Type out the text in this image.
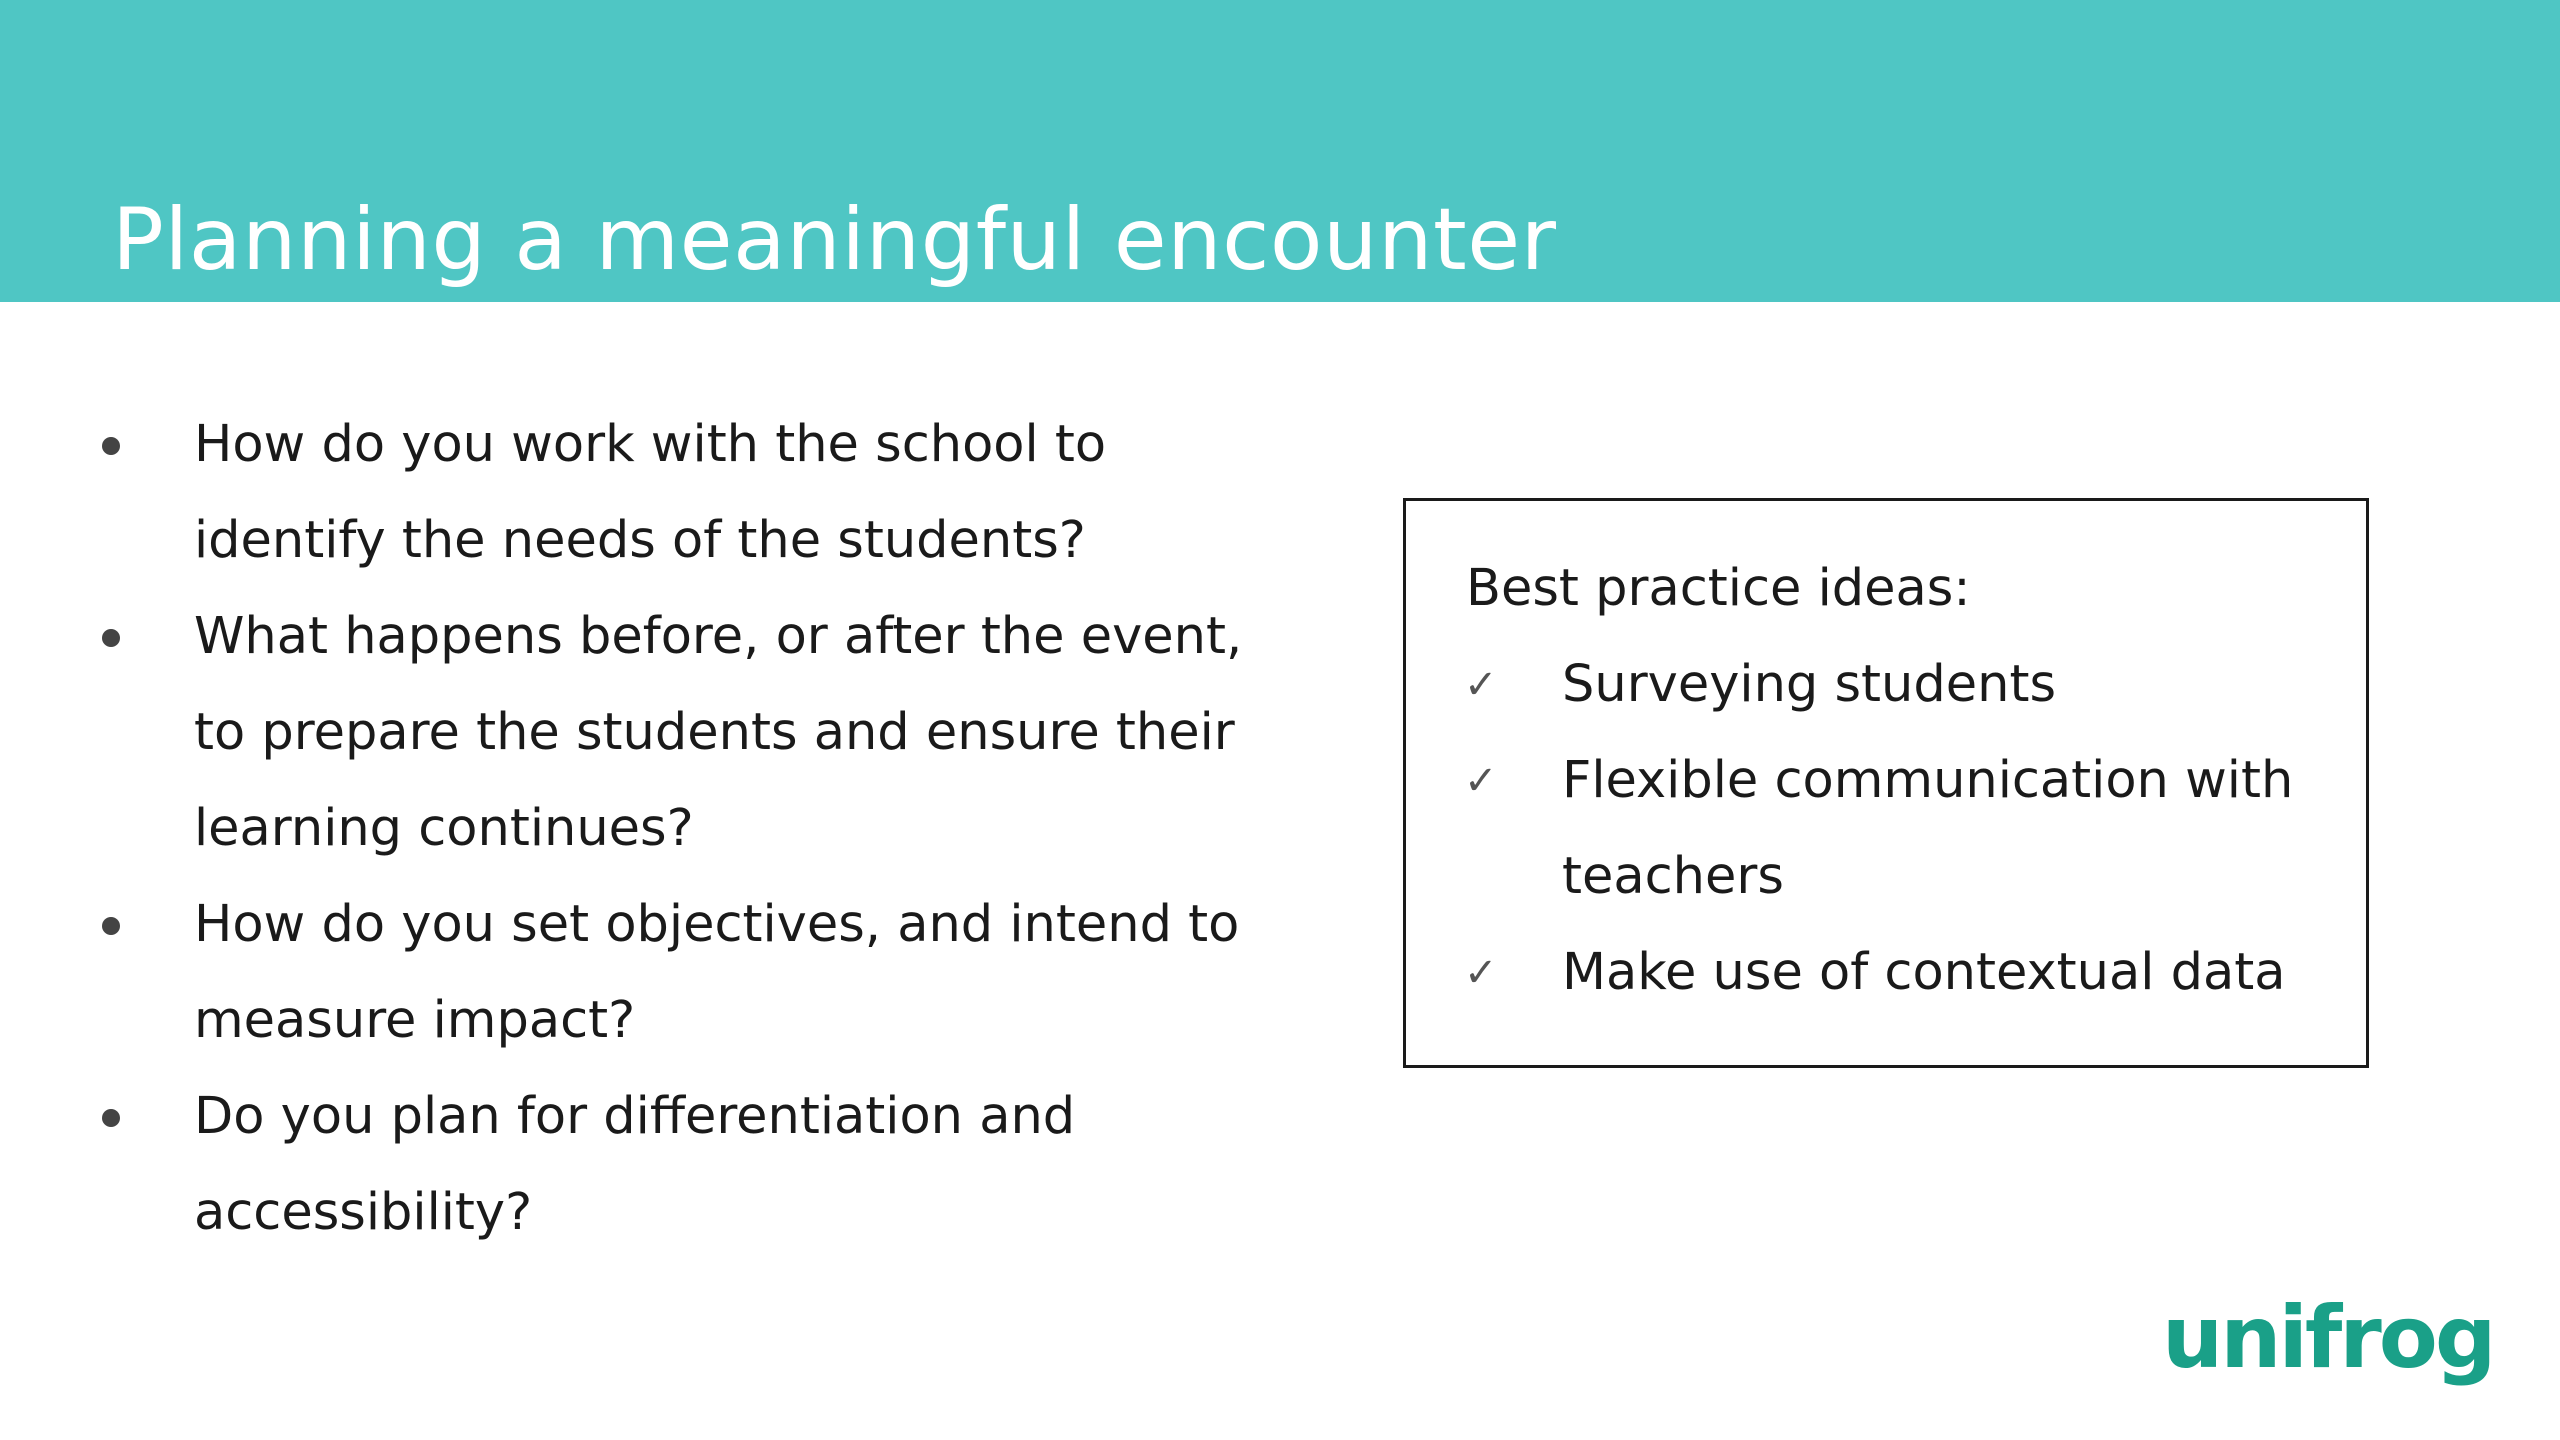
Planning a meaningful encounter
How do you work with the school to identify the needs of the students?
What happens before, or after the event, to prepare the students and ensure their learning continues?
How do you set objectives, and intend to measure impact?
Do you plan for differentiation and accessibility?
Best practice ideas:
✓ Surveying students
✓ Flexible communication with teachers
✓ Make use of contextual data
unifrog
